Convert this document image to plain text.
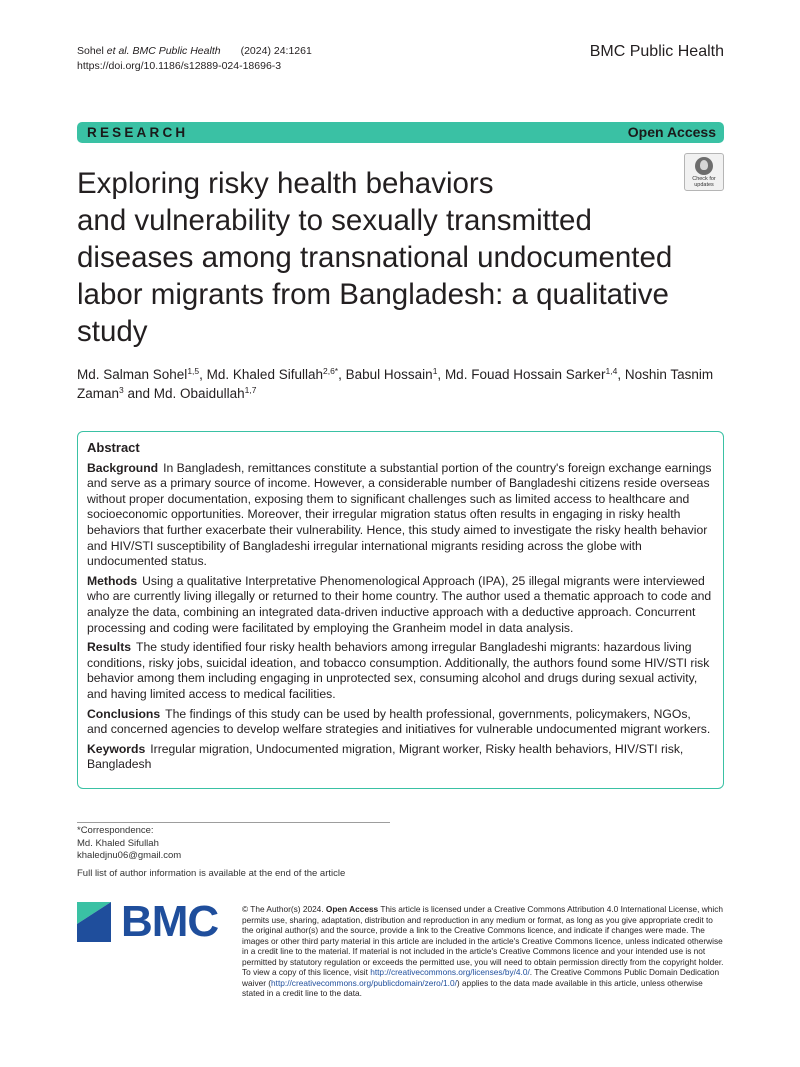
Sohel et al. BMC Public Health (2024) 24:1261
https://doi.org/10.1186/s12889-024-18696-3
BMC Public Health
RESEARCH	Open Access
Exploring risky health behaviors
and vulnerability to sexually transmitted
diseases among transnational undocumented
labor migrants from Bangladesh: a qualitative
study
Check for
updates
Md. Salman Sohel$^{1,5}$, Md. Khaled Sifullah$^{2,6*}$, Babul Hossain$^1$, Md. Fouad Hossain Sarker$^{1,4}$, Noshin Tasnim Zaman$^3$ and Md. Obaidullah$^{1,7}$
Abstract

Background In Bangladesh, remittances constitute a substantial portion of the country's foreign exchange earnings and serve as a primary source of income. However, a considerable number of Bangladeshi citizens reside overseas without proper documentation, exposing them to significant challenges such as limited access to healthcare and socioeconomic opportunities. Moreover, their irregular migration status often results in engaging in risky health behaviors that further exacerbate their vulnerability. Hence, this study aimed to investigate the risky health behavior and HIV/STI susceptibility of Bangladeshi irregular international migrants residing across the globe with undocumented status.

Methods Using a qualitative Interpretative Phenomenological Approach (IPA), 25 illegal migrants were interviewed who are currently living illegally or returned to their home country. The author used a thematic approach to code and analyze the data, combining an integrated data-driven inductive approach with a deductive approach. Concurrent processing and coding were facilitated by employing the Granheim model in data analysis.

Results The study identified four risky health behaviors among irregular Bangladeshi migrants: hazardous living conditions, risky jobs, suicidal ideation, and tobacco consumption. Additionally, the authors found some HIV/STI risk behavior among them including engaging in unprotected sex, consuming alcohol and drugs during sexual activity, and having limited access to medical facilities.

Conclusions The findings of this study can be used by health professional, governments, policymakers, NGOs, and concerned agencies to develop welfare strategies and initiatives for vulnerable undocumented migrant workers.

Keywords Irregular migration, Undocumented migration, Migrant worker, Risky health behaviors, HIV/STI risk, Bangladesh

*Correspondence:
Md. Khaled Sifullah
khaledjnu06@gmail.com
Full list of author information is available at the end of the article
BMC	© The Author(s) 2024. Open Access This article is licensed under a Creative Commons Attribution 4.0 International License, which permits use, sharing, adaptation, distribution and reproduction in any medium or format, as long as you give appropriate credit to the original author(s) and the source, provide a link to the Creative Commons licence, and indicate if changes were made. The images or other third party material in this article are included in the article's Creative Commons licence, unless indicated otherwise in a credit line to the material. If material is not included in the article's Creative Commons licence and your intended use is not permitted by statutory regulation or exceeds the permitted use, you will need to obtain permission directly from the copyright holder. To view a copy of this licence, visit http://creativecommons.org/licenses/by/4.0/. The Creative Commons Public Domain Dedication waiver (http://creativecommons.org/publicdomain/zero/1.0/) applies to the data made available in this article, unless otherwise stated in a credit line to the data.
